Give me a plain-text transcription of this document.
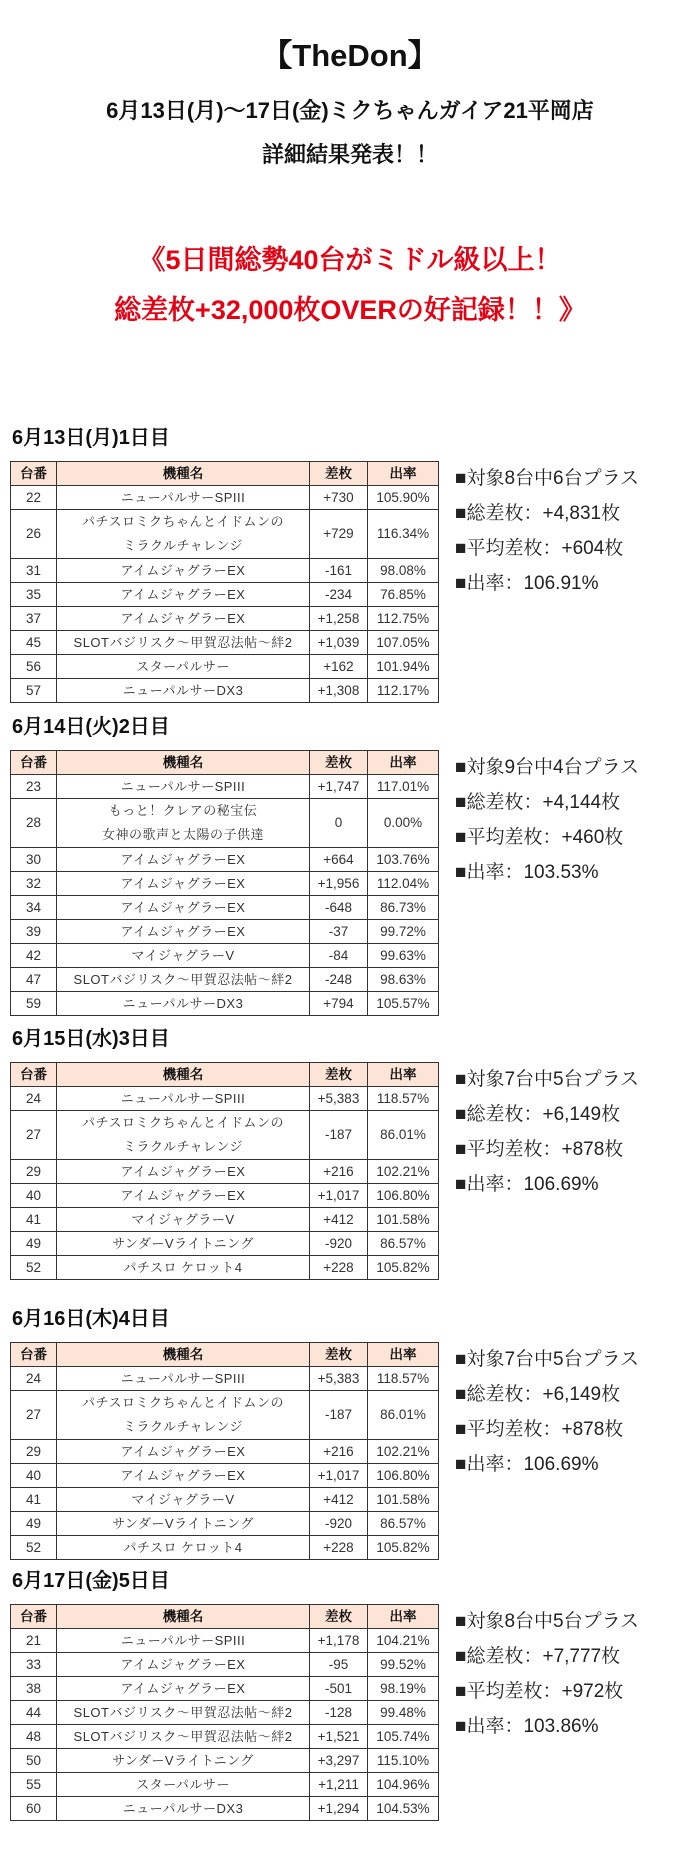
【TheDon】
6月13日(月)～17日(金)ミクちゃんガイア21平岡店
詳細結果発表！！
《5日間総勢40台がミドル級以上！
総差枚+32,000枚OVERの好記録！！》
6月13日(月)1日目
台番	機種名	差枚	出率
22	ニューパルサーSPIII	+730	105.90%
26	パチスロミクちゃんとイドムンの
ミラクルチャレンジ	+729	116.34%
31	アイムジャグラーEX	-161	98.08%
35	アイムジャグラーEX	-234	76.85%
37	アイムジャグラーEX	+1,258	112.75%
45	SLOTバジリスク～甲賀忍法帖～絆2	+1,039	107.05%
56	スターパルサー	+162	101.94%
57	ニューパルサーDX3	+1,308	112.17%
■対象8台中6台プラス
■総差枚：+4,831枚
■平均差枚：+604枚
■出率：106.91%
6月14日(火)2日目
台番	機種名	差枚	出率
23	ニューパルサーSPIII	+1,747	117.01%
28	もっと！クレアの秘宝伝
女神の歌声と太陽の子供達	0	0.00%
30	アイムジャグラーEX	+664	103.76%
32	アイムジャグラーEX	+1,956	112.04%
34	アイムジャグラーEX	-648	86.73%
39	アイムジャグラーEX	-37	99.72%
42	マイジャグラーV	-84	99.63%
47	SLOTバジリスク～甲賀忍法帖～絆2	-248	98.63%
59	ニューパルサーDX3	+794	105.57%
■対象9台中4台プラス
■総差枚：+4,144枚
■平均差枚：+460枚
■出率：103.53%
6月15日(水)3日目
台番	機種名	差枚	出率
24	ニューパルサーSPIII	+5,383	118.57%
27	パチスロミクちゃんとイドムンの
ミラクルチャレンジ	-187	86.01%
29	アイムジャグラーEX	+216	102.21%
40	アイムジャグラーEX	+1,017	106.80%
41	マイジャグラーV	+412	101.58%
49	サンダーVライトニング	-920	86.57%
52	パチスロ ケロット4	+228	105.82%
■対象7台中5台プラス
■総差枚：+6,149枚
■平均差枚：+878枚
■出率：106.69%
6月16日(木)4日目
台番	機種名	差枚	出率
24	ニューパルサーSPIII	+5,383	118.57%
27	パチスロミクちゃんとイドムンの
ミラクルチャレンジ	-187	86.01%
29	アイムジャグラーEX	+216	102.21%
40	アイムジャグラーEX	+1,017	106.80%
41	マイジャグラーV	+412	101.58%
49	サンダーVライトニング	-920	86.57%
52	パチスロ ケロット4	+228	105.82%
■対象7台中5台プラス
■総差枚：+6,149枚
■平均差枚：+878枚
■出率：106.69%
6月17日(金)5日目
台番	機種名	差枚	出率
21	ニューパルサーSPIII	+1,178	104.21%
33	アイムジャグラーEX	-95	99.52%
38	アイムジャグラーEX	-501	98.19%
44	SLOTバジリスク～甲賀忍法帖～絆2	-128	99.48%
48	SLOTバジリスク～甲賀忍法帖～絆2	+1,521	105.74%
50	サンダーVライトニング	+3,297	115.10%
55	スターパルサー	+1,211	104.96%
60	ニューパルサーDX3	+1,294	104.53%
■対象8台中5台プラス
■総差枚：+7,777枚
■平均差枚：+972枚
■出率：103.86%
